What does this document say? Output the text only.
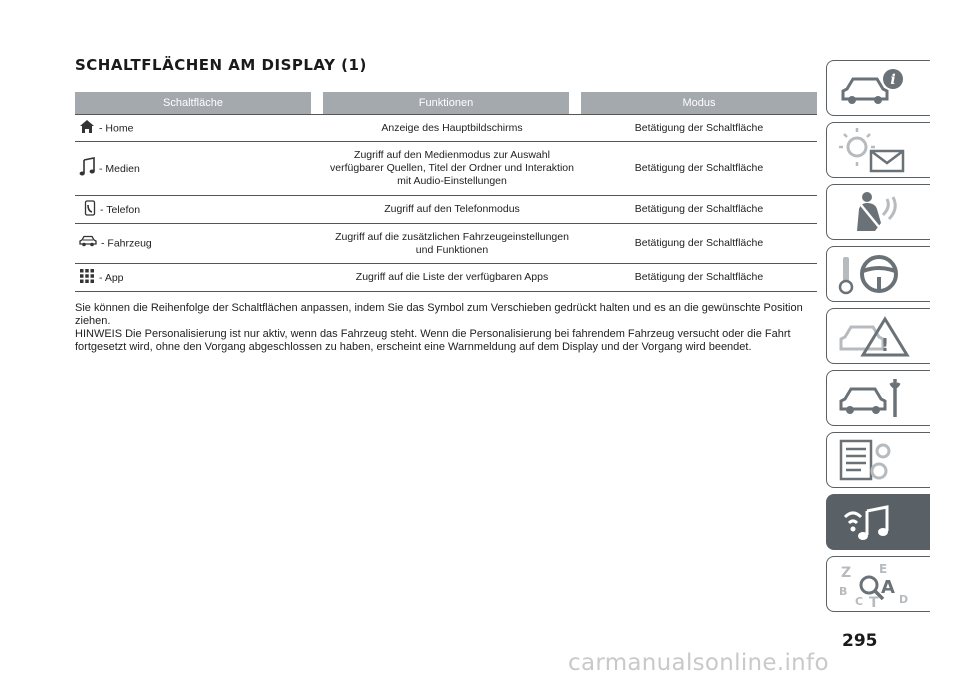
SCHALTFLÄCHEN AM DISPLAY (1)
Schaltfläche	Funktionen	Modus
- Home	Anzeige des Hauptbildschirms	Betätigung der Schaltfläche
- Medien	Zugriff auf den Medienmodus zur Auswahl verfügbarer Quellen, Titel der Ordner und Interaktion mit Audio-Einstellungen	Betätigung der Schaltfläche
- Telefon	Zugriff auf den Telefonmodus	Betätigung der Schaltfläche
- Fahrzeug	Zugriff auf die zusätzlichen Fahrzeugeinstellungen und Funktionen	Betätigung der Schaltfläche
- App	Zugriff auf die Liste der verfügbaren Apps	Betätigung der Schaltfläche

Sie können die Reihenfolge der Schaltflächen anpassen, indem Sie das Symbol zum Verschieben gedrückt halten und es an die gewünschte Position ziehen.

HINWEIS Die Personalisierung ist nur aktiv, wenn das Fahrzeug steht. Wenn die Personalisierung bei fahrendem Fahrzeug versucht oder die Fahrt fortgesetzt wird, ohne den Vorgang abgeschlossen zu haben, erscheint eine Warnmeldung auf dem Display und der Vorgang wird beendet.

i
!
Z E
A
B
C	D
T
295
carmanualsonline.info
